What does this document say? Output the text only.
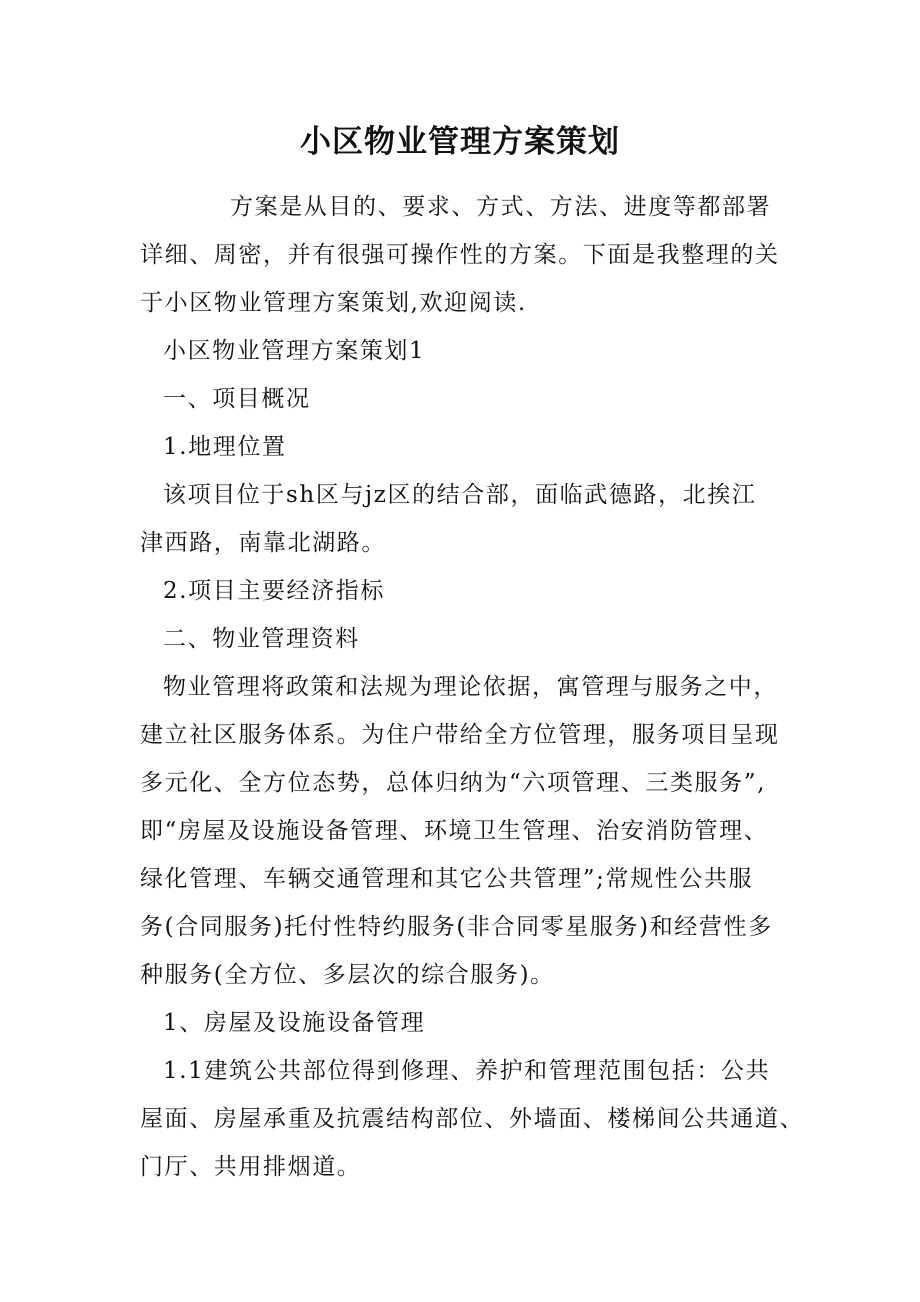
小区物业管理方案策划
方案是从目的、要求、方式、方法、进度等都部署
详细、周密，并有很强可操作性的方案。下面是我整理的关
于小区物业管理方案策划,欢迎阅读.
小区物业管理方案策划1
一、项目概况
1.地理位置
该项目位于sh区与jz区的结合部，面临武德路，北挨江
津西路，南靠北湖路。
2.项目主要经济指标
二、物业管理资料
物业管理将政策和法规为理论依据，寓管理与服务之中，
建立社区服务体系。为住户带给全方位管理，服务项目呈现
多元化、全方位态势，总体归纳为“六项管理、三类服务”,
即“房屋及设施设备管理、环境卫生管理、治安消防管理、
绿化管理、车辆交通管理和其它公共管理”;常规性公共服
务(合同服务)托付性特约服务(非合同零星服务)和经营性多
种服务(全方位、多层次的综合服务)。
1、房屋及设施设备管理
1.1建筑公共部位得到修理、养护和管理范围包括：公共
屋面、房屋承重及抗震结构部位、外墙面、楼梯间公共通道、
门厅、共用排烟道。
